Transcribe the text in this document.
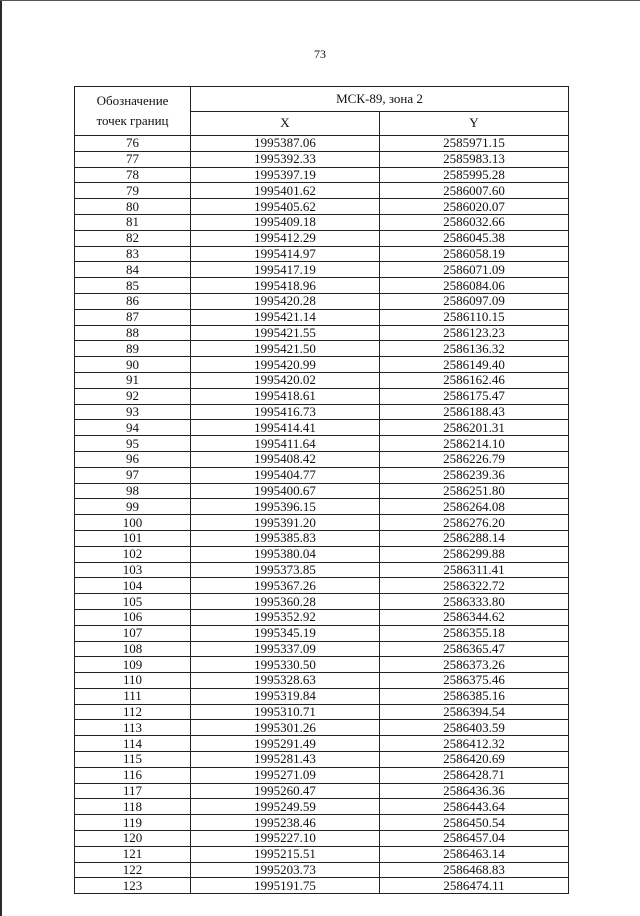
73
Обозначение
точек границ	МСК-89, зона 2	
	X	Y
76	1995387.06	2585971.15
77	1995392.33	2585983.13
78	1995397.19	2585995.28
79	1995401.62	2586007.60
80	1995405.62	2586020.07
81	1995409.18	2586032.66
82	1995412.29	2586045.38
83	1995414.97	2586058.19
84	1995417.19	2586071.09
85	1995418.96	2586084.06
86	1995420.28	2586097.09
87	1995421.14	2586110.15
88	1995421.55	2586123.23
89	1995421.50	2586136.32
90	1995420.99	2586149.40
91	1995420.02	2586162.46
92	1995418.61	2586175.47
93	1995416.73	2586188.43
94	1995414.41	2586201.31
95	1995411.64	2586214.10
96	1995408.42	2586226.79
97	1995404.77	2586239.36
98	1995400.67	2586251.80
99	1995396.15	2586264.08
100	1995391.20	2586276.20
101	1995385.83	2586288.14
102	1995380.04	2586299.88
103	1995373.85	2586311.41
104	1995367.26	2586322.72
105	1995360.28	2586333.80
106	1995352.92	2586344.62
107	1995345.19	2586355.18
108	1995337.09	2586365.47
109	1995330.50	2586373.26
110	1995328.63	2586375.46
111	1995319.84	2586385.16
112	1995310.71	2586394.54
113	1995301.26	2586403.59
114	1995291.49	2586412.32
115	1995281.43	2586420.69
116	1995271.09	2586428.71
117	1995260.47	2586436.36
118	1995249.59	2586443.64
119	1995238.46	2586450.54
120	1995227.10	2586457.04
121	1995215.51	2586463.14
122	1995203.73	2586468.83
123	1995191.75	2586474.11
